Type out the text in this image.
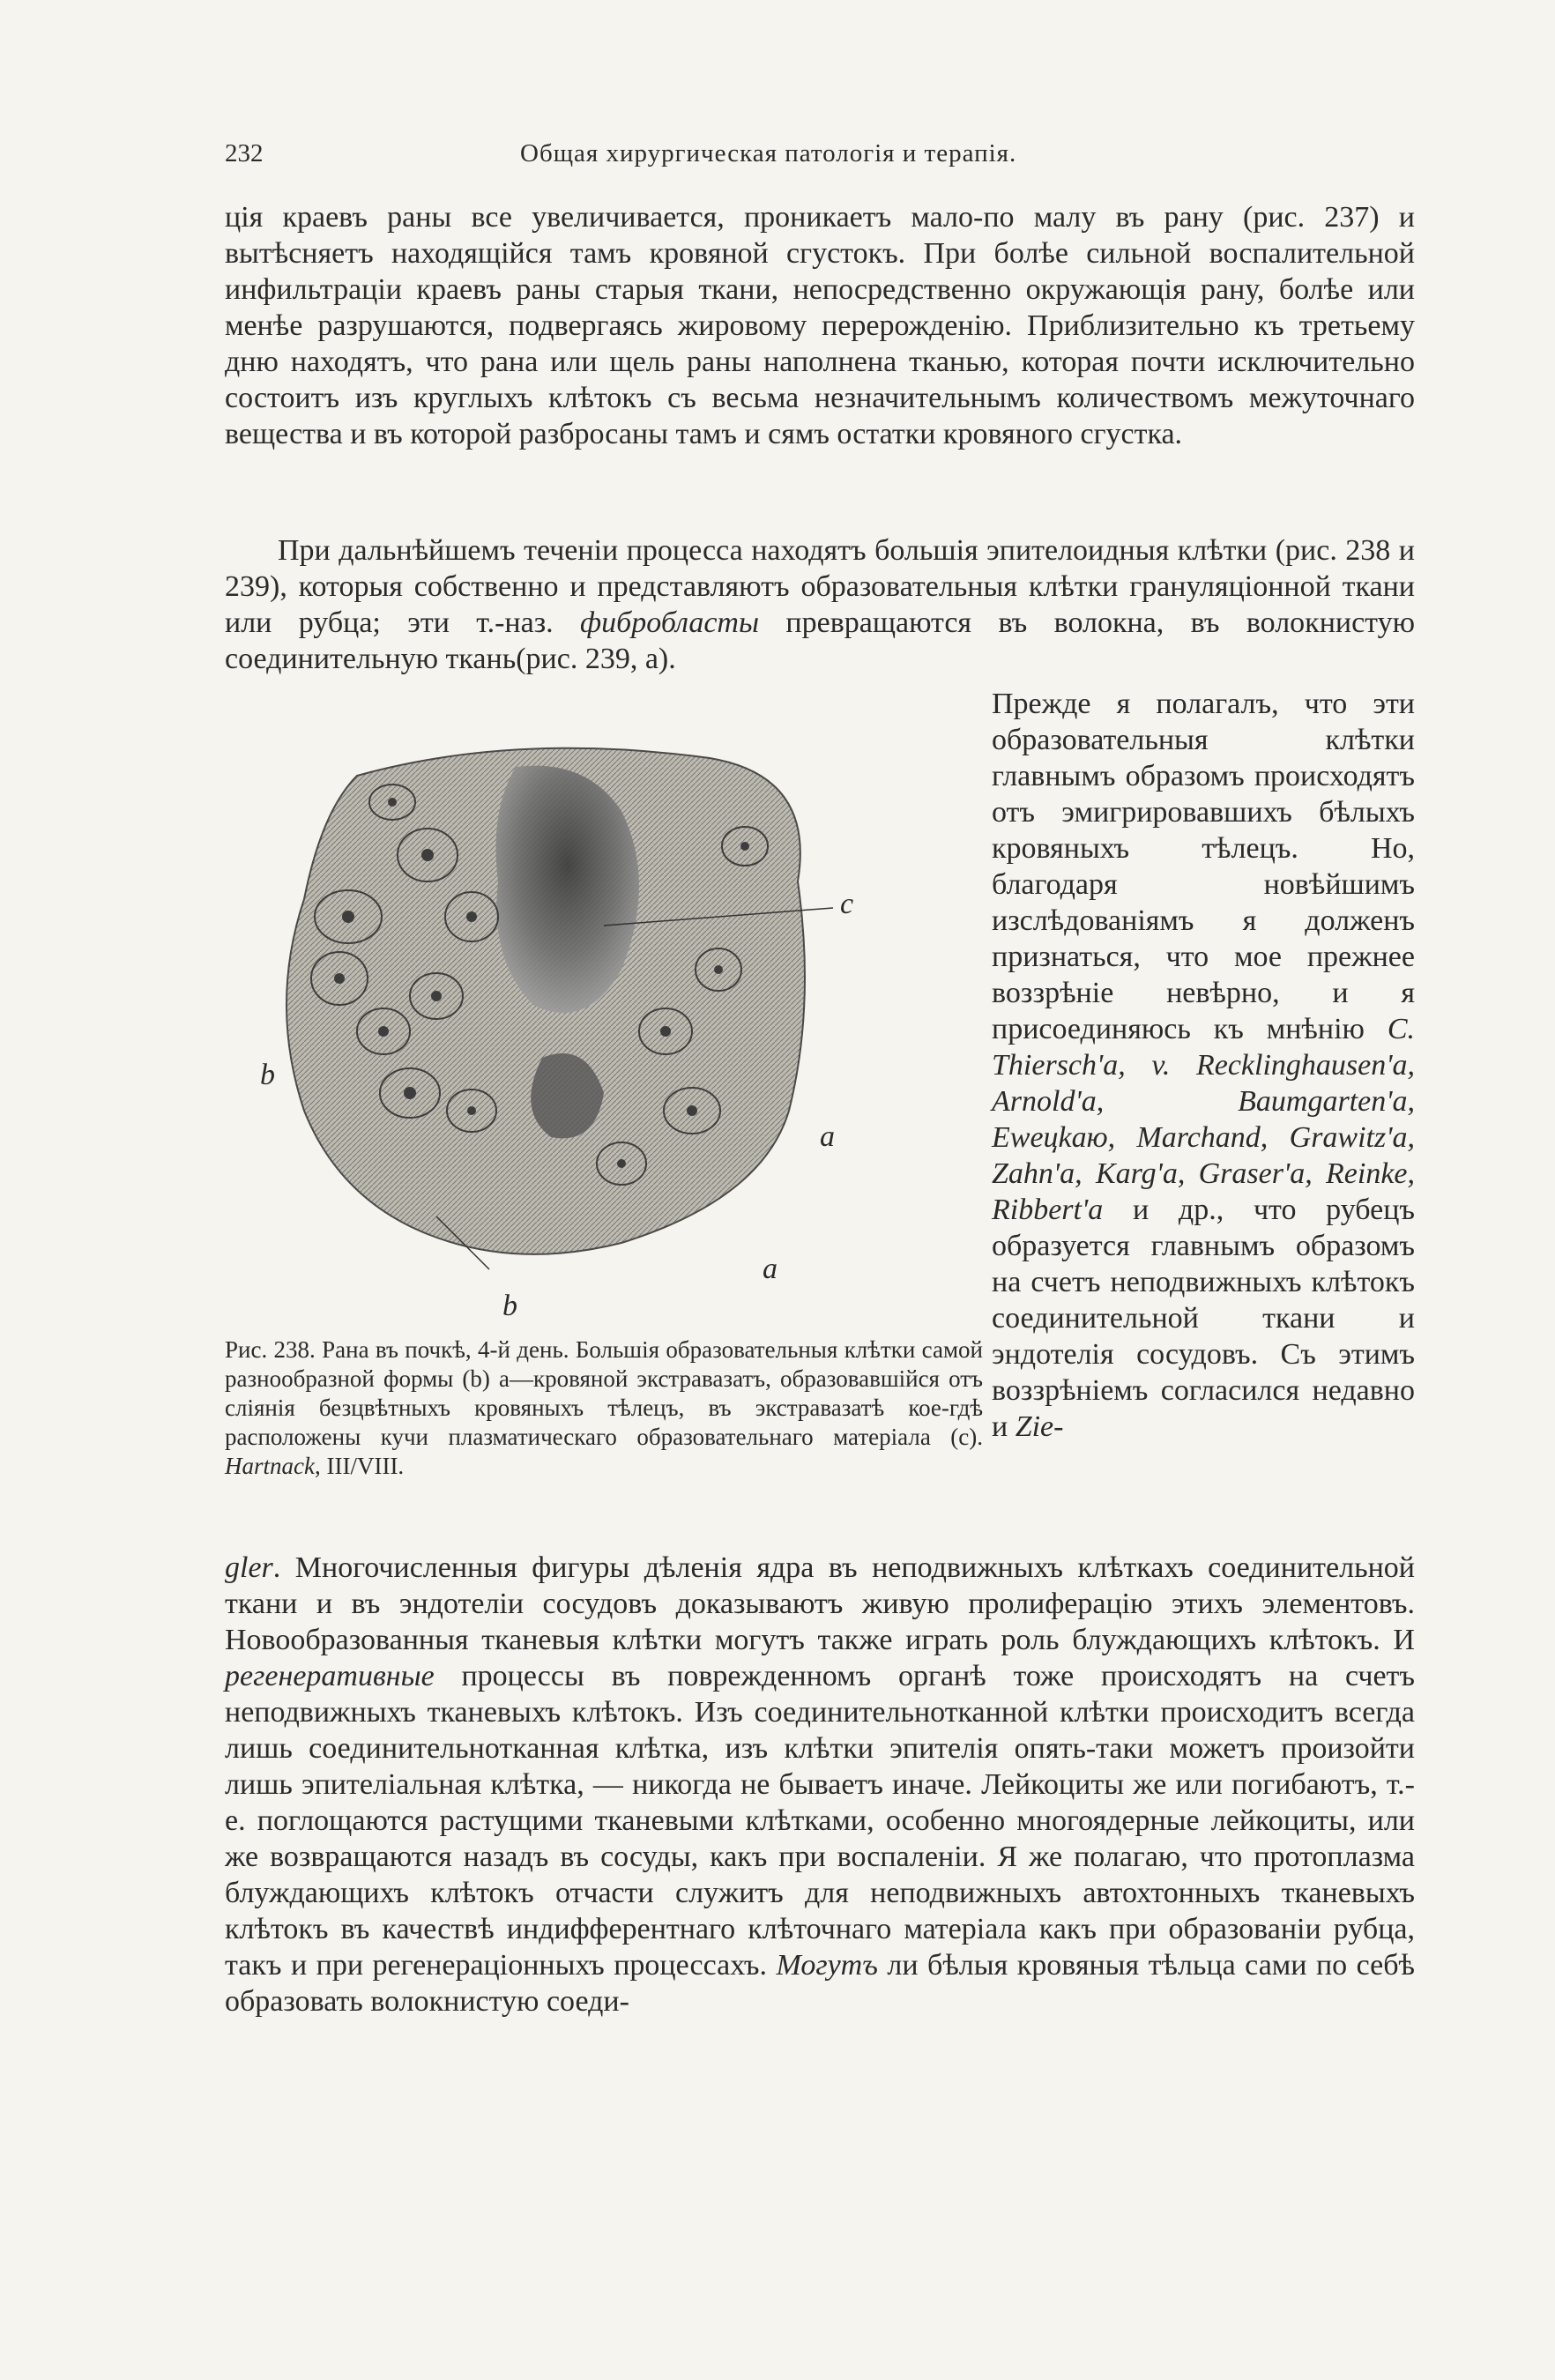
232	Общая хирургическая патологія и терапія.

ція краевъ раны все увеличивается, проникаетъ мало-по малу въ рану (рис. 237) и вытѣсняетъ находящійся тамъ кровяной сгустокъ. При болѣе сильной воспалительной инфильтраціи краевъ раны старыя ткани, непосредственно окружающія рану, болѣе или менѣе разрушаются, подвергаясь жировому перерожденію. Приблизительно къ третьему дню находятъ, что рана или щель раны наполнена тканью, которая почти исключительно состоитъ изъ круглыхъ клѣтокъ съ весьма незначительнымъ количествомъ межуточнаго вещества и въ которой разбросаны тамъ и сямъ остатки кровяного сгустка.

При дальнѣйшемъ теченіи процесса находятъ большія эпителоидныя клѣтки (рис. 238 и 239), которыя собственно и представляютъ образовательныя клѣтки грануляціонной ткани или рубца; эти т.-наз. фибробласты превращаются въ волокна, въ волокнистую соединительную ткань(рис. 239, а).

c
b
a
a
b

Рис. 238. Рана въ почкѣ, 4-й день. Большія образовательныя клѣтки самой разнообразной формы (b) а—кровяной экстравазатъ, образовавшійся отъ сліянія безцвѣтныхъ кровяныхъ тѣлецъ, въ экстравазатѣ кое-гдѣ расположены кучи плазматическаго образовательнаго матеріала (c). Hartnack, III/VIII.

Прежде я полагалъ, что эти образовательныя клѣтки главнымъ образомъ происходятъ отъ эмигрировавшихъ бѣлыхъ кровяныхъ тѣлецъ. Но, благодаря новѣйшимъ изслѣдованіямъ я долженъ признаться, что мое прежнее воззрѣніе невѣрно, и я присоединяюсь къ мнѣнію C. Thiersch'а, v. Recklinghausen'а, Arnold'а, Baumgarten'а, Ewецkaю, Marchand, Grawitz'а, Zahn'а, Karg'а, Graser'а, Reinke, Ribbert'а и др., что рубецъ образуется главнымъ образомъ на счетъ неподвижныхъ клѣтокъ соединительной ткани и эндотелія сосудовъ. Съ этимъ воззрѣніемъ согласился недавно и Zie-

gler. Многочисленныя фигуры дѣленія ядра въ неподвижныхъ клѣткахъ соединительной ткани и въ эндотеліи сосудовъ доказываютъ живую пролиферацію этихъ элементовъ. Новообразованныя тканевыя клѣтки могутъ также играть роль блуждающихъ клѣтокъ. И регенеративные процессы въ поврежденномъ органѣ тоже происходятъ на счетъ неподвижныхъ тканевыхъ клѣтокъ. Изъ соединительнотканной клѣтки происходитъ всегда лишь соединительнотканная клѣтка, изъ клѣтки эпителія опять-таки можетъ произойти лишь эпителіальная клѣтка, — никогда не бываетъ иначе. Лейкоциты же или погибаютъ, т.-е. поглощаются растущими тканевыми клѣтками, особенно многоядерные лейкоциты, или же возвращаются назадъ въ сосуды, какъ при воспаленіи. Я же полагаю, что протоплазма блуждающихъ клѣтокъ отчасти служитъ для неподвижныхъ автохтонныхъ тканевыхъ клѣтокъ въ качествѣ индифферентнаго клѣточнаго матеріала какъ при образованіи рубца, такъ и при регенераціонныхъ процессахъ. Могутъ ли бѣлыя кровяныя тѣльца сами по себѣ образовать волокнистую соеди-
